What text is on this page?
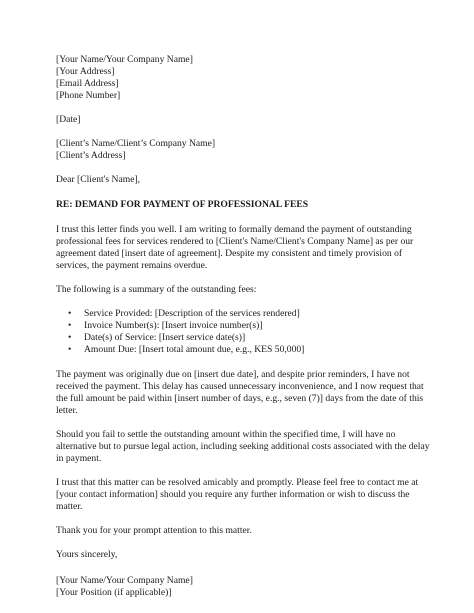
[Your Name/Your Company Name]
[Your Address]
[Email Address]
[Phone Number]
[Date]
[Client’s Name/Client’s Company Name]
[Client’s Address]
Dear [Client's Name],
RE: DEMAND FOR PAYMENT OF PROFESSIONAL FEES

I trust this letter finds you well. I am writing to formally demand the payment of outstanding
professional fees for services rendered to [Client's Name/Client's Company Name] as per our
agreement dated [insert date of agreement]. Despite my consistent and timely provision of
services, the payment remains overdue.

The following is a summary of the outstanding fees:
• Service Provided: [Description of the services rendered]
• Invoice Number(s): [Insert invoice number(s)]
• Date(s) of Service: [Insert service date(s)]
• Amount Due: [Insert total amount due, e.g., KES 50,000]

The payment was originally due on [insert due date], and despite prior reminders, I have not
received the payment. This delay has caused unnecessary inconvenience, and I now request that
the full amount be paid within [insert number of days, e.g., seven (7)] days from the date of this
letter.

Should you fail to settle the outstanding amount within the specified time, I will have no
alternative but to pursue legal action, including seeking additional costs associated with the delay
in payment.

I trust that this matter can be resolved amicably and promptly. Please feel free to contact me at
[your contact information] should you require any further information or wish to discuss the
matter.

Thank you for your prompt attention to this matter.
Yours sincerely,
[Your Name/Your Company Name]
[Your Position (if applicable)]
